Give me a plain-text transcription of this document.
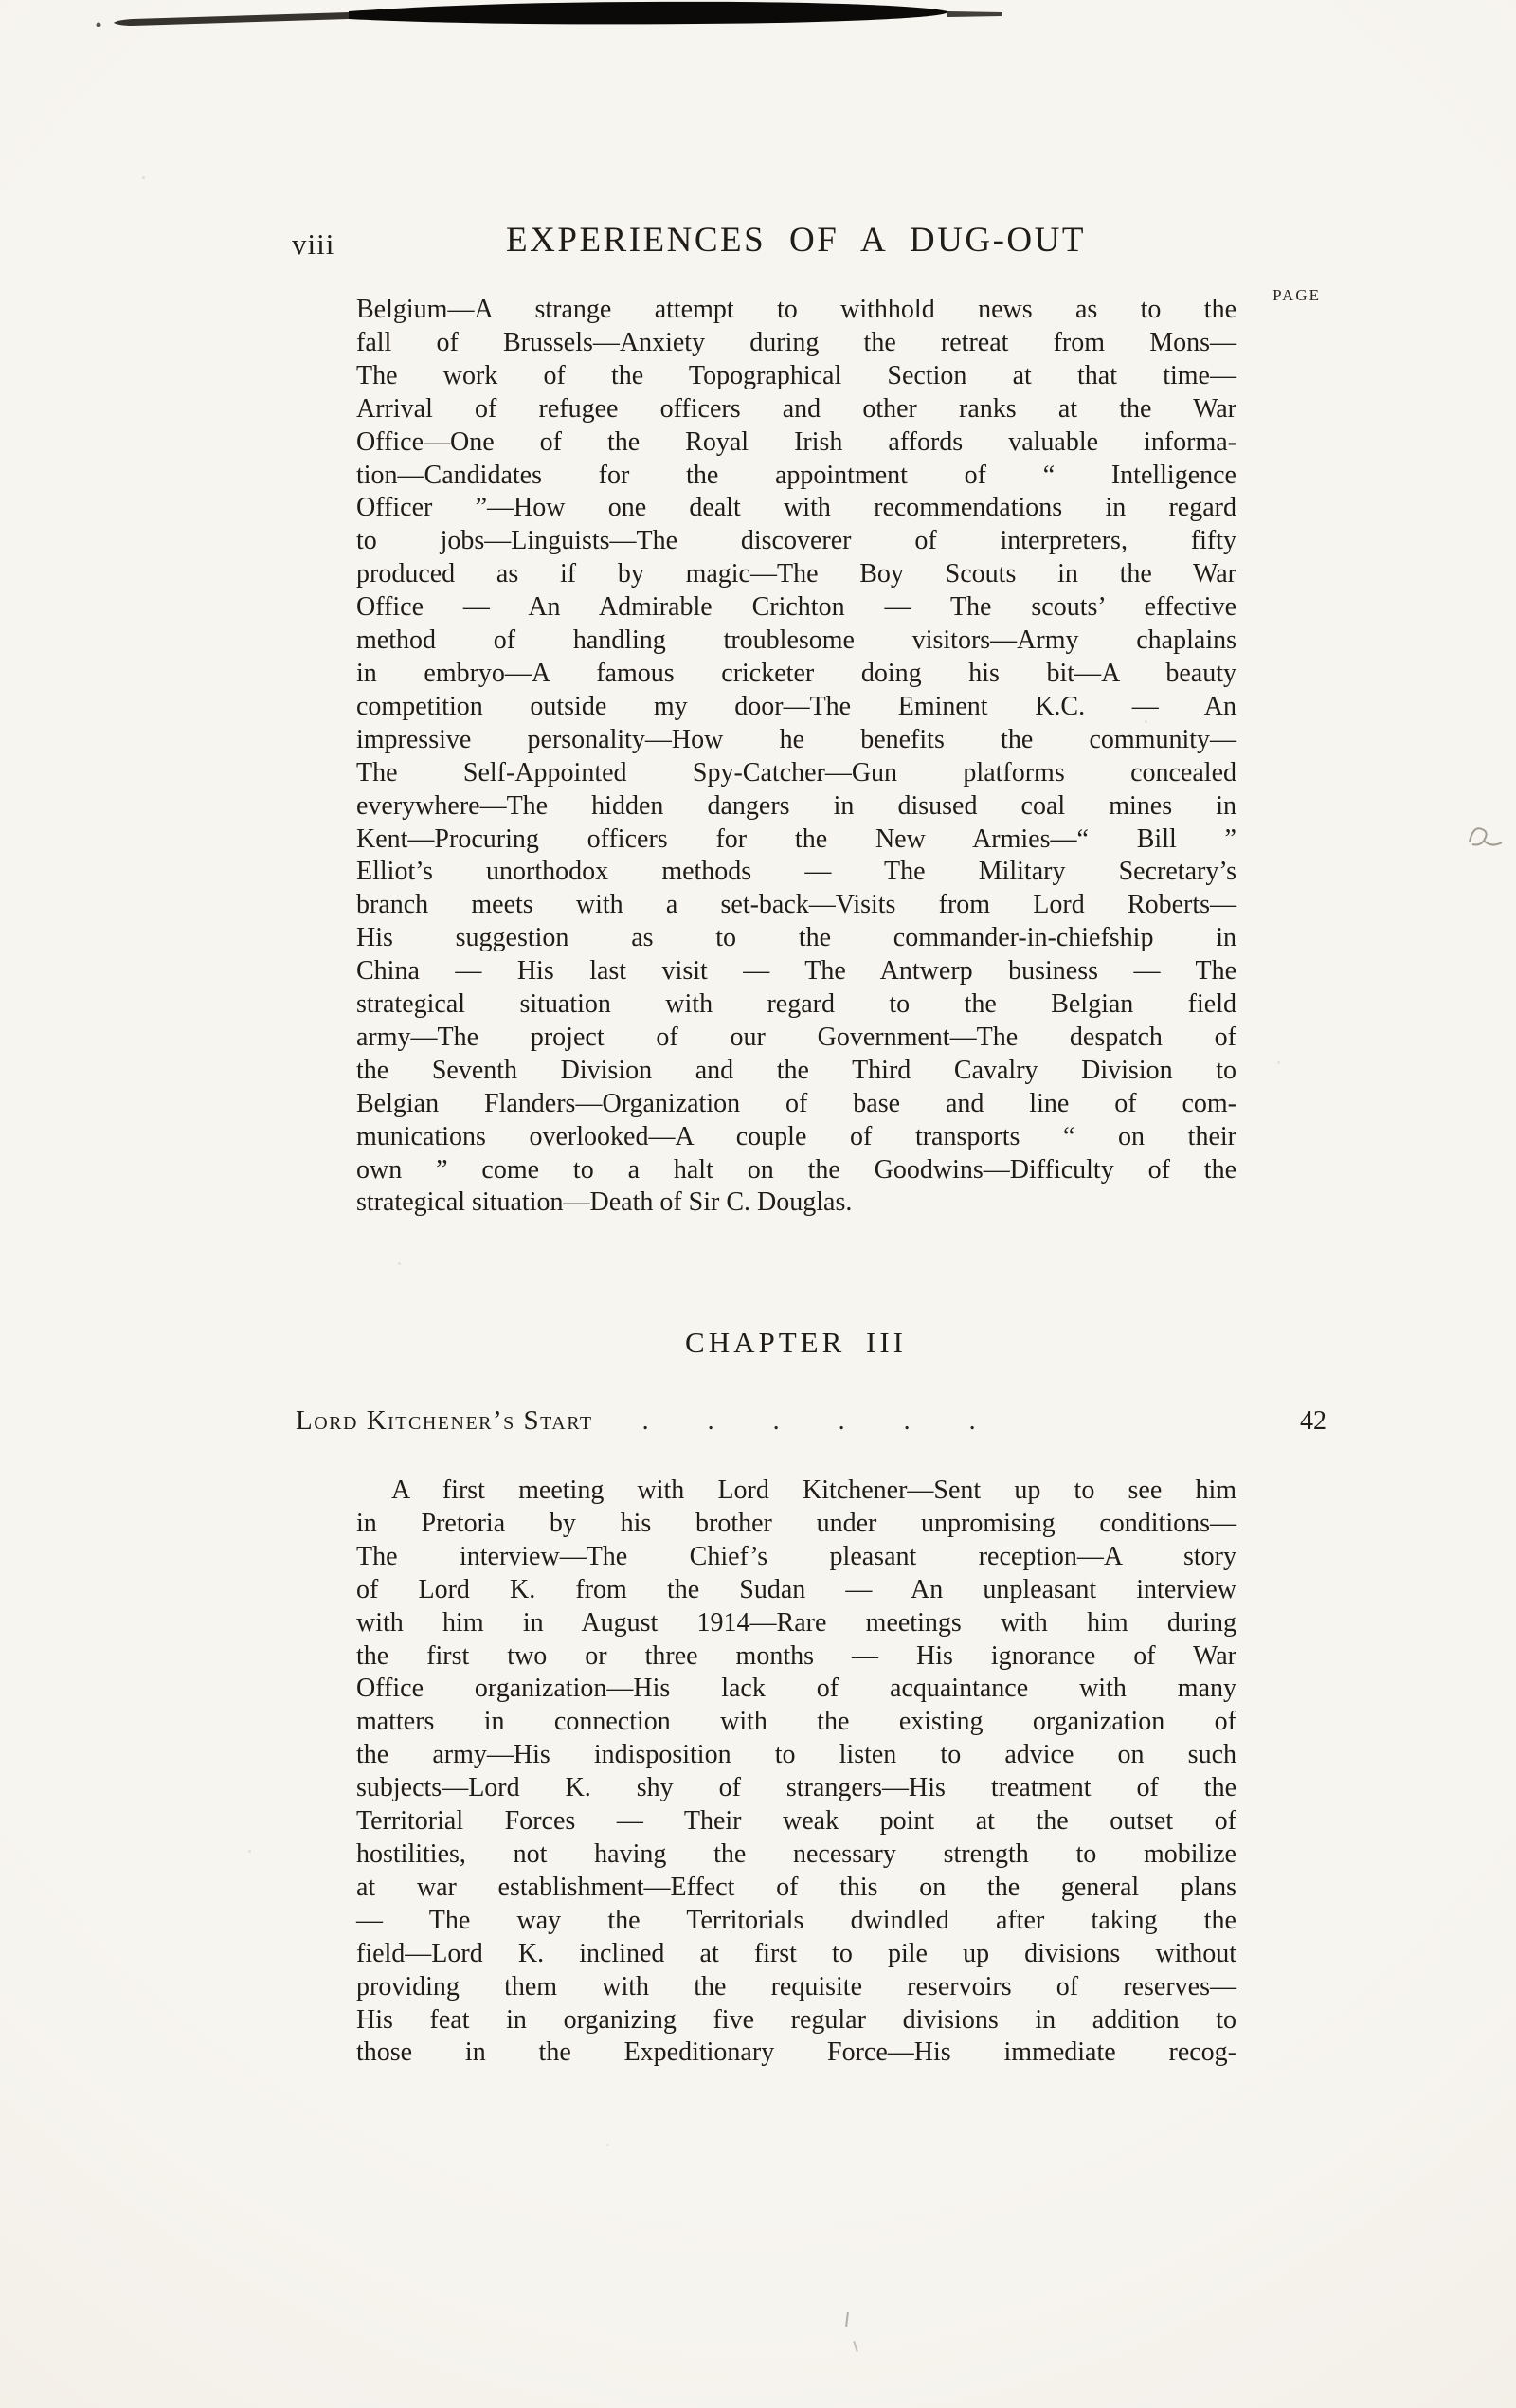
viii	EXPERIENCES OF A DUG-OUT
PAGE
Belgium—A strange attempt to withhold news as to the
fall of Brussels—Anxiety during the retreat from Mons—
The work of the Topographical Section at that time—
Arrival of refugee officers and other ranks at the War
Office—One of the Royal Irish affords valuable informa-
tion—Candidates for the appointment of “ Intelligence
Officer ”—How one dealt with recommendations in regard
to jobs—Linguists—The discoverer of interpreters, fifty
produced as if by magic—The Boy Scouts in the War
Office — An Admirable Crichton — The scouts’ effective
method of handling troublesome visitors—Army chaplains
in embryo—A famous cricketer doing his bit—A beauty
competition outside my door—The Eminent K.C. — An
impressive personality—How he benefits the community—
The Self-Appointed Spy-Catcher—Gun platforms concealed
everywhere—The hidden dangers in disused coal mines in
Kent—Procuring officers for the New Armies—“ Bill ”
Elliot’s unorthodox methods — The Military Secretary’s
branch meets with a set-back—Visits from Lord Roberts—
His suggestion as to the commander-in-chiefship in
China — His last visit — The Antwerp business — The
strategical situation with regard to the Belgian field
army—The project of our Government—The despatch of
the Seventh Division and the Third Cavalry Division to
Belgian Flanders—Organization of base and line of com-
munications overlooked—A couple of transports “ on their
own ” come to a halt on the Goodwins—Difficulty of the
strategical situation—Death of Sir C. Douglas.
CHAPTER III
Lord Kitchener’s Start	......	42
A first meeting with Lord Kitchener—Sent up to see him
in Pretoria by his brother under unpromising conditions—
The interview—The Chief’s pleasant reception—A story
of Lord K. from the Sudan — An unpleasant interview
with him in August 1914—Rare meetings with him during
the first two or three months — His ignorance of War
Office organization—His lack of acquaintance with many
matters in connection with the existing organization of
the army—His indisposition to listen to advice on such
subjects—Lord K. shy of strangers—His treatment of the
Territorial Forces — Their weak point at the outset of
hostilities, not having the necessary strength to mobilize
at war establishment—Effect of this on the general plans
— The way the Territorials dwindled after taking the
field—Lord K. inclined at first to pile up divisions without
providing them with the requisite reservoirs of reserves—
His feat in organizing five regular divisions in addition to
those in the Expeditionary Force—His immediate recog-
